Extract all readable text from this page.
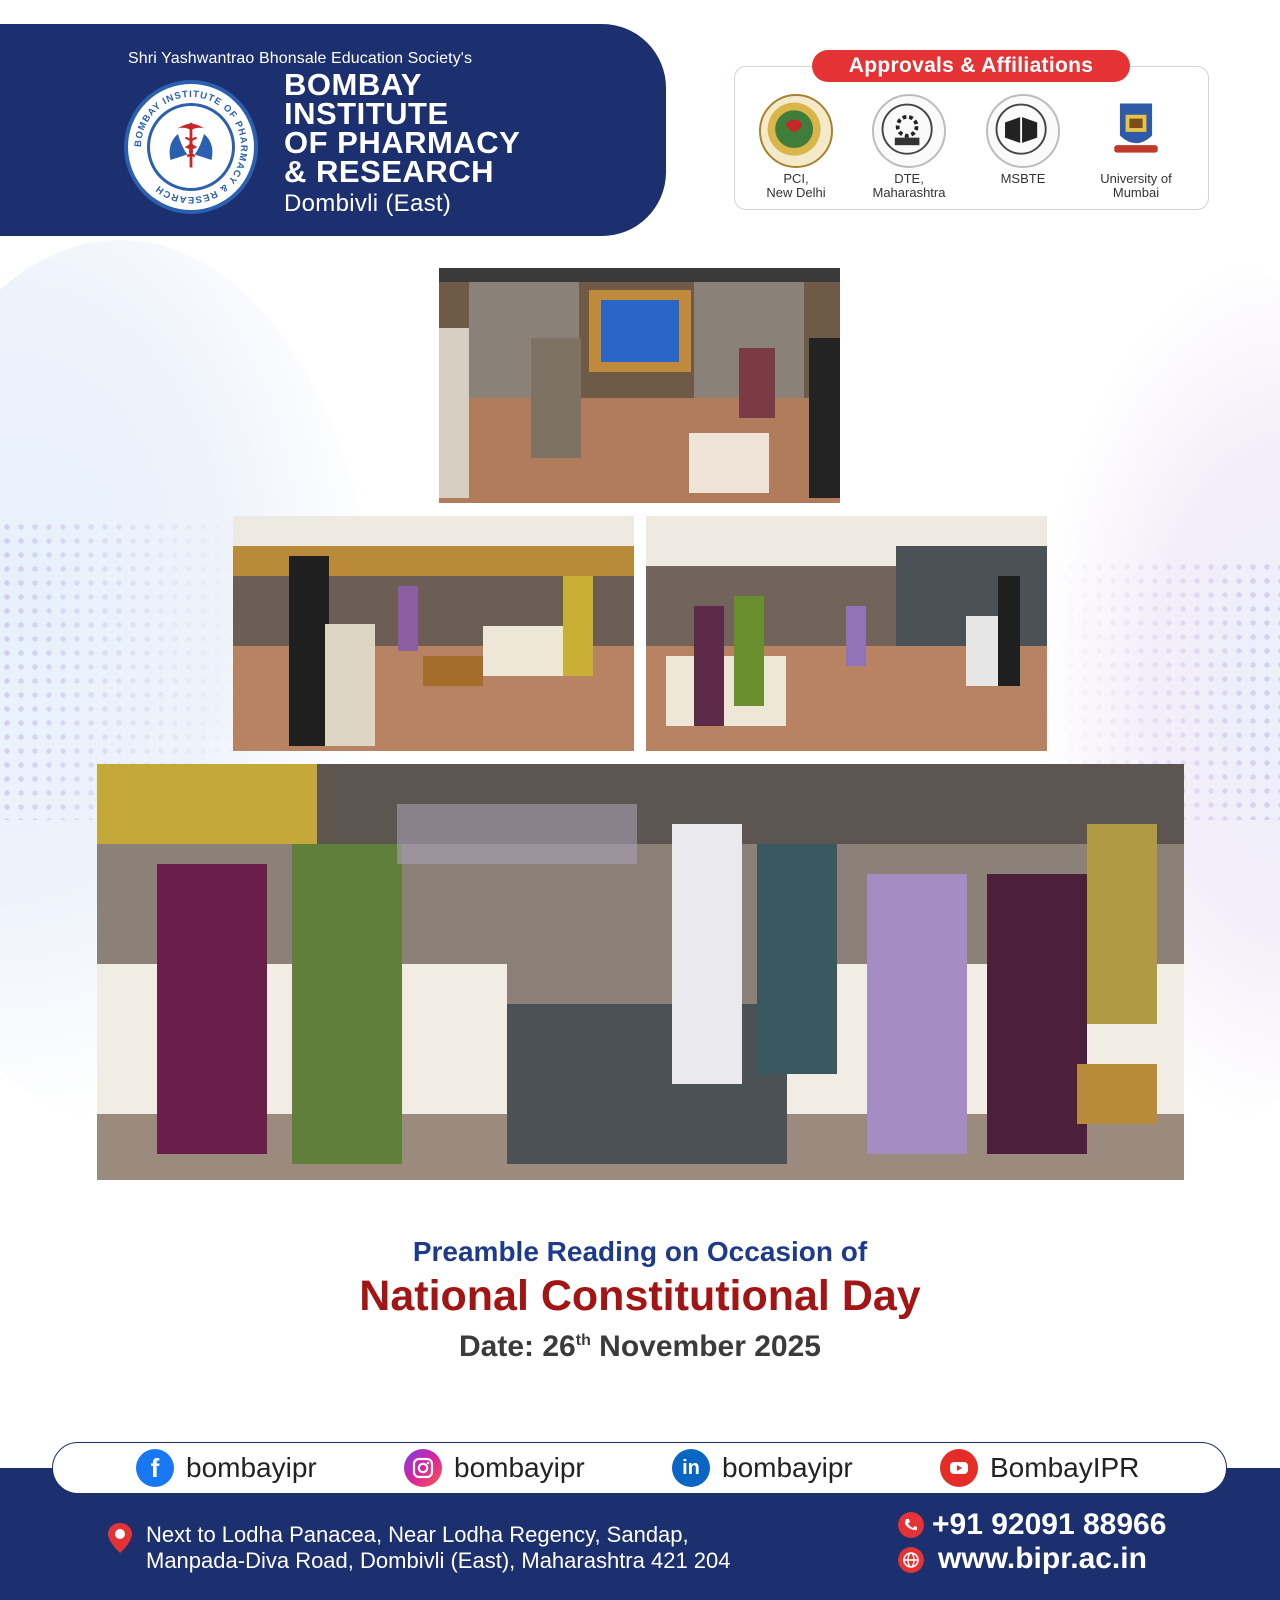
Shri Yashwantrao Bhonsale Education Society's
BOMBAY INSTITUTE OF PHARMACY & RESEARCH
BOMBAY
INSTITUTE
OF PHARMACY
& RESEARCH
Dombivli (East)
Approvals & Affiliations
PCI,
New Delhi
DTE,
Maharashtra
MSBTE	University of
Mumbai
Preamble Reading on Occasion of
National Constitutional Day
Date: 26th November 2025
f bombayipr	bombayipr	in bombayipr	BombayIPR
Next to Lodha Panacea, Near Lodha Regency, Sandap,
Manpada-Diva Road, Dombivli (East), Maharashtra 421 204
+91 92091 88966
www.bipr.ac.in
